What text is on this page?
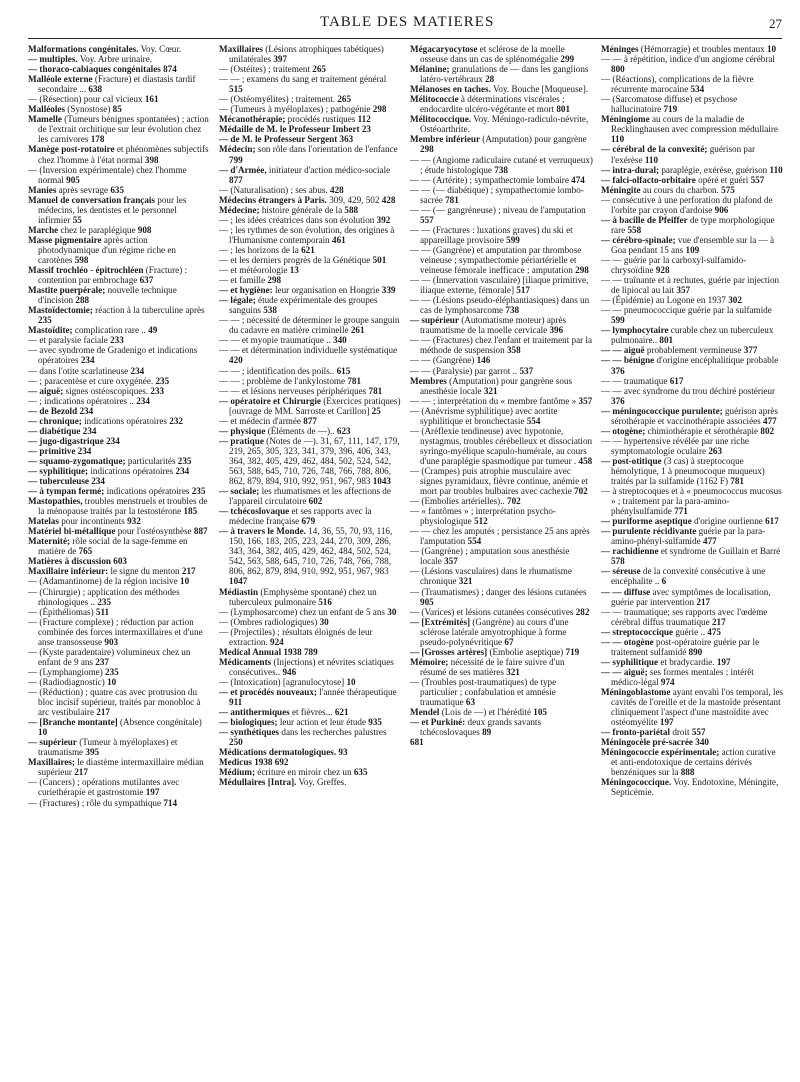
TABLE DES MATIERES	27

Malformations congénitales. Voy. Cœur.

— multiples. Voy. Arbre urinaire.

— thoraco-cabiaques congénitales 874

Malléole externe (Fracture) et diastasis tardif secondaire ... 638

— (Résection) pour cal vicieux 161

Malléoles (Synostose) 85

Mamelle (Tumeurs bénignes spontanées) ; action de l'extrait orchitique sur leur évolution chez les carnivores 178

Manège post-rotatoire et phénomènes subjectifs chez l'homme à l'état normal 398

— (Inversion expérimentale) chez l'homme normal 905

Manies après sevrage 635

Manuel de conversation français pour les médecins, les dentistes et le personnel infirmier 55

Marche chez le paraplégique 908

Masse pigmentaire après action photodynamique d'un régime riche en carotènes 598

Massif trochléo - épitrochléen (Fracture) : contention par embrochage 637

Mastite puerpérale; nouvelle technique d'incision 288

Mastoïdectomie; réaction à la tuberculine après 235

Mastoïdite; complication rare .. 49

— et paralysie faciale 233

— avec syndrome de Gradenigo et indications opératoires 234

— dans l'otite scarlatineuse 234

— ; paracentèse et cure oxygénée. 235

— aiguë; signes ostéoscopiques. 233

— ; indications opératoires .. 234

— de Bezold 234

— chronique; indications opératoires 232

— diabétique 234

— jugo-digastrique 234

— primitive 234

— squamo-zygomatique; particularités 235

— syphilitique; indications opératoires 234

— tuberculeuse 234

— à tympan fermé; indications opératoires 235

Mastopathies, troubles menstruels et troubles de la ménopause traités par la testostérone 185

Matelas pour incontinents 932

Matériel bi-métallique pour l'ostéosynthèse 887

Maternité; rôle social de la sage-femme en matière de 765

Matières à discussion 603

Maxillaire inférieur: le signe du menton 217

— (Adamantinome) de la région incisive 10

— (Chirurgie) ; application des méthodes rhinologiques .. 235

— (Épithéliomas) 511

— (Fracture complexe) ; réduction par action combinée des forces intermaxillaires et d'une anse transosseuse 903

— (Kyste paradentaire) volumineux chez un enfant de 9 ans 237

— (Lymphangiome) 235

— (Radiodiagnostic) 10

— (Réduction) ; quatre cas avec protrusion du bloc incisif supérieur, traités par monobloc à arc vestibulaire 217

— [Branche montante] (Absence congénitale) 10

— supérieur (Tumeur à myéloplaxes) et traumatisme 395

Maxillaires; le diastème intermaxillaire médian supérieur 217

— (Cancers) ; opérations mutilantes avec curiethérapie et gastrostomie 197

— (Fractures) ; rôle du sympathique 714

Maxillaires (Lésions atrophiques tabétiques) unilatérales 397

— (Ostéites) ; traitement 265

— — ; examens du sang et traitement général 515

— (Ostéomyélites) ; traitement. 265

— (Tumeurs à myéloplaxes) ; pathogénie 298

Mécanothérapie; procédés rustiques 112

Médaille de M. le Professeur Imbert 23

— de M. le Professeur Sergent 363

Médecin; son rôle dans l'orientation de l'enfance 799

— d'Armée, initiateur d'action médico-sociale 877

— (Naturalisation) ; ses abus. 428

Médecins étrangers à Paris. 309, 429, 502 428

Médecine; histoire générale de la 588

— ; les idées créatrices dans son évolution 392

— ; les rythmes de son évolution, des origines à l'Humanisme contemporain 461

— ; les horizons de la 621

— et les derniers progrès de la Génétique 501

— et météorologie 13

— et famille 298

— et hygiène: leur organisation en Hongrie 339

— légale; étude expérimentale des groupes sanguins 538

— — ; nécessité de déterminer le groupe sanguin du cadavre en matière criminelle 261

— — et myopie traumatique .. 340

— — et détermination individuelle systématique 420

— — ; identification des poils.. 615

— — ; problème de l'ankylostome 781

— — et lésions nerveuses périphériques 781

— opératoire et Chirurgie (Exercices pratiques) [ouvrage de MM. Sarroste et Carillon] 25

— et médecin d'armée 877

— physique (Éléments de —).. 623

— pratique (Notes de —). 31, 67, 111, 147, 179, 219, 265, 305, 323, 341, 379, 396, 406, 343, 364, 382, 405, 429, 462, 484, 502, 524, 542, 563, 588, 645, 710, 726, 748, 766, 788, 806, 862, 879, 894, 910, 992, 951, 967, 983 1043

— sociale; les rhumatismes et les affections de l'appareil circulatoire 602

— tchécoslovaque et ses rapports avec la médecine française 679

— à travers le Monde. 14, 36, 55, 70, 93, 116, 150, 166, 183, 205, 223, 244, 270, 309, 286, 343, 364, 382, 405, 429, 462, 484, 502, 524, 542, 563, 588, 645, 710, 726, 748, 766, 788, 806, 862, 879, 894, 910, 992, 951, 967, 983 1047

Médiastin (Emphysème spontané) chez un tuberculeux pulmonaire 516

— (Lymphosarcome) chez un enfant de 5 ans 30

— (Ombres radiologiques) 30

— (Projectiles) ; résultats éloignés de leur extraction. 924

Medical Annual 1938 789

Médicaments (Injections) et névrites sciatiques consécutives.. 946

— (Intoxication) [agranulocytose] 10

— et procédés nouveaux; l'année thérapeutique 911

— antithermiques et fièvres... 621

— biologiques; leur action et leur étude 935

— synthétiques dans les recherches palustres 250

Médications dermatologiques. 93

Medicus 1938 692

Médium; écriture en miroir chez un 635

Médullaires [Intra]. Voy. Greffes.

Mégacaryocytose et sclérose de la moelle osseuse dans un cas de splénomégalie 299

Mélanine; granulations de — dans les ganglions latéro-vertébraux 28

Mélanoses en taches. Voy. Bouche [Muqueuse].

Mélitococcie à déterminations viscérales ; endocardite ulcéro-végétante et mort 801

Mélitococcique. Voy. Méningo-radiculo-névrite, Ostéoarthrite.

Membre inférieur (Amputation) pour gangrène 298

— — (Angiome radiculaire cutané et verruqueux) ; étude histologique 738

— — (Artérite) ; sympathectomie lombaire 474

— — (— diabétique) ; sympathectomie lombo-sacrée 781

— — (— gangréneuse) ; niveau de l'amputation 557

— — (Fractures : luxations graves) du ski et appareillage provisoire 599

— — (Gangrène) et amputation par thrombose veineuse ; sympathectomie périartérielle et veineuse fémorale inefficace ; amputation 298

— — (Innervation vasculaire) [iliaque primitive, iliaque externe, fémorale] 517

— — (Lésions pseudo-éléphantiasiques) dans un cas de lymphosarcome 738

— supérieur (Automatisme moteur) après traumatisme de la moelle cervicale 396

— — (Fractures) chez l'enfant et traitement par la méthode de suspension 358

— — (Gangrène) 146

— — (Paralysie) par garrot .. 537

Membres (Amputation) pour gangrène sous anesthésie locale 321

— — ; interprétation du « membre fantôme » 357

— (Anévrisme syphilitique) avec aortite syphilitique et bronchectasie 554

— (Aréflexie tendineuse) avec hypotonie, nystagmus, troubles cérébelleux et dissociation syringo-myélique scapulo-humérale, au cours d'une paraplégie spasmodique par tumeur . 458

— (Crampes) puis atrophie musculaire avec signes pyramidaux, fièvre continue, anémie et mort par troubles bulbaires avec cachexie 702

— (Embolies artérielles).. 702

— « fantômes » ; interprétation psycho-physiologique 512

— — chez les amputés ; persistance 25 ans après l'amputation 554

— (Gangrène) ; amputation sous anesthésie locale 357

— (Lésions vasculaires) dans le rhumatisme chronique 321

— (Traumatismes) ; danger des lésions cutanées 905

— (Varices) et lésions cutanées consécutives 282

— [Extrémités] (Gangrène) au cours d'une sclérose latérale amyotrophique à forme pseudo-polynévritique 67

— [Grosses artères] (Embolie aseptique) 719

Mémoire; nécessité de le faire suivre d'un résumé de ses matières 321

— (Troubles post-traumatiques) de type particulier ; confabulation et amnésie traumatique 63

Mendel (Lois de —) et l'hérédité 105

— et Purkiné: deux grands savants tchécoslovaques 89

681

Méninges (Hémorragie) et troubles mentaux 10

— — à répétition, indice d'un angiome cérébral 800

— (Réactions), complications de la fièvre récurrente marocaine 534

— (Sarcomatose diffuse) et psychose hallucinatoire 719

Méningiome au cours de la maladie de Recklinghausen avec compression médullaire 110

— cérébral de la convexité; guérison par l'exérèse 110

— intra-dural; paraplégie, exérèse, guérison 110

— falci-olfacto-orbitaire opéré et guéri 557

Méningite au cours du charbon. 575

— consécutive à une perforation du plafond de l'orbite par crayon d'ardoise 906

— à bacille de Pfeiffer de type morphologique rare 558

— cérébro-spinale; vue d'ensemble sur la — à Goa pendant 15 ans 109

— — guérie par la carboxyl-sulfamido-chrysoïdine 928

— — traînante et à rechutes, guérie par injection de lipiocal au lait 357

— (Épidémie) au Logone en 1937 302

— — pneumococcique guérie par la sulfamide 599

— lymphocytaire curable chez un tuberculeux pulmonaire.. 801

— — aiguë probablement vermineuse 377

— — bénigne d'origine encéphalitique probable 376

— — traumatique 617

— — avec syndrome du trou déchiré postérieur 376

— méningococcique purulente; guérison après sérothérapie et vaccinothérapie associées 477

— otogène; chimiothérapie et sérothérapie 802

— — hypertensive révélée par une riche symptomatologie oculaire 263

— post-otitique (3 cas) à streptocoque hémolytique, 1 à pneumocoque muqueux) traités par la sulfamide (1162 F) 781

— à streptocoques et à « pneumococcus mucosus » ; traitement par la para-amino-phénylsulfamide 771

— puriforme aseptique d'origine ourlienne 617

— purulente récidivante guérie par la para-amino-phényl-sulfamide 477

— rachidienne et syndrome de Guillain et Barré 578

— séreuse de la convexité consécutive à une encéphalite .. 6

— — diffuse avec symptômes de localisation, guérie par intervention 217

— — traumatique; ses rapports avec l'œdème cérébral diffus traumatique 217

— streptococcique guérie .. 475

— — otogène post-opératoire guérie par le traitement sulfamidé 890

— syphilitique et bradycardie. 197

— — aiguë; ses formes mentales ; intérêt médico-légal 974

Méningoblastome ayant envahi l'os temporal, les cavités de l'oreille et de la mastoïde présentant cliniquement l'aspect d'une mastoïdite avec ostéomyélite 197

— fronto-pariétal droit 557

Méningocèle pré-sacrée 340

Méningococcie expérimentale; action curative et anti-endotoxique de certains dérivés benzéniques sur la 888

Méningococcique. Voy. Endotoxine, Méningite, Septicémie.
